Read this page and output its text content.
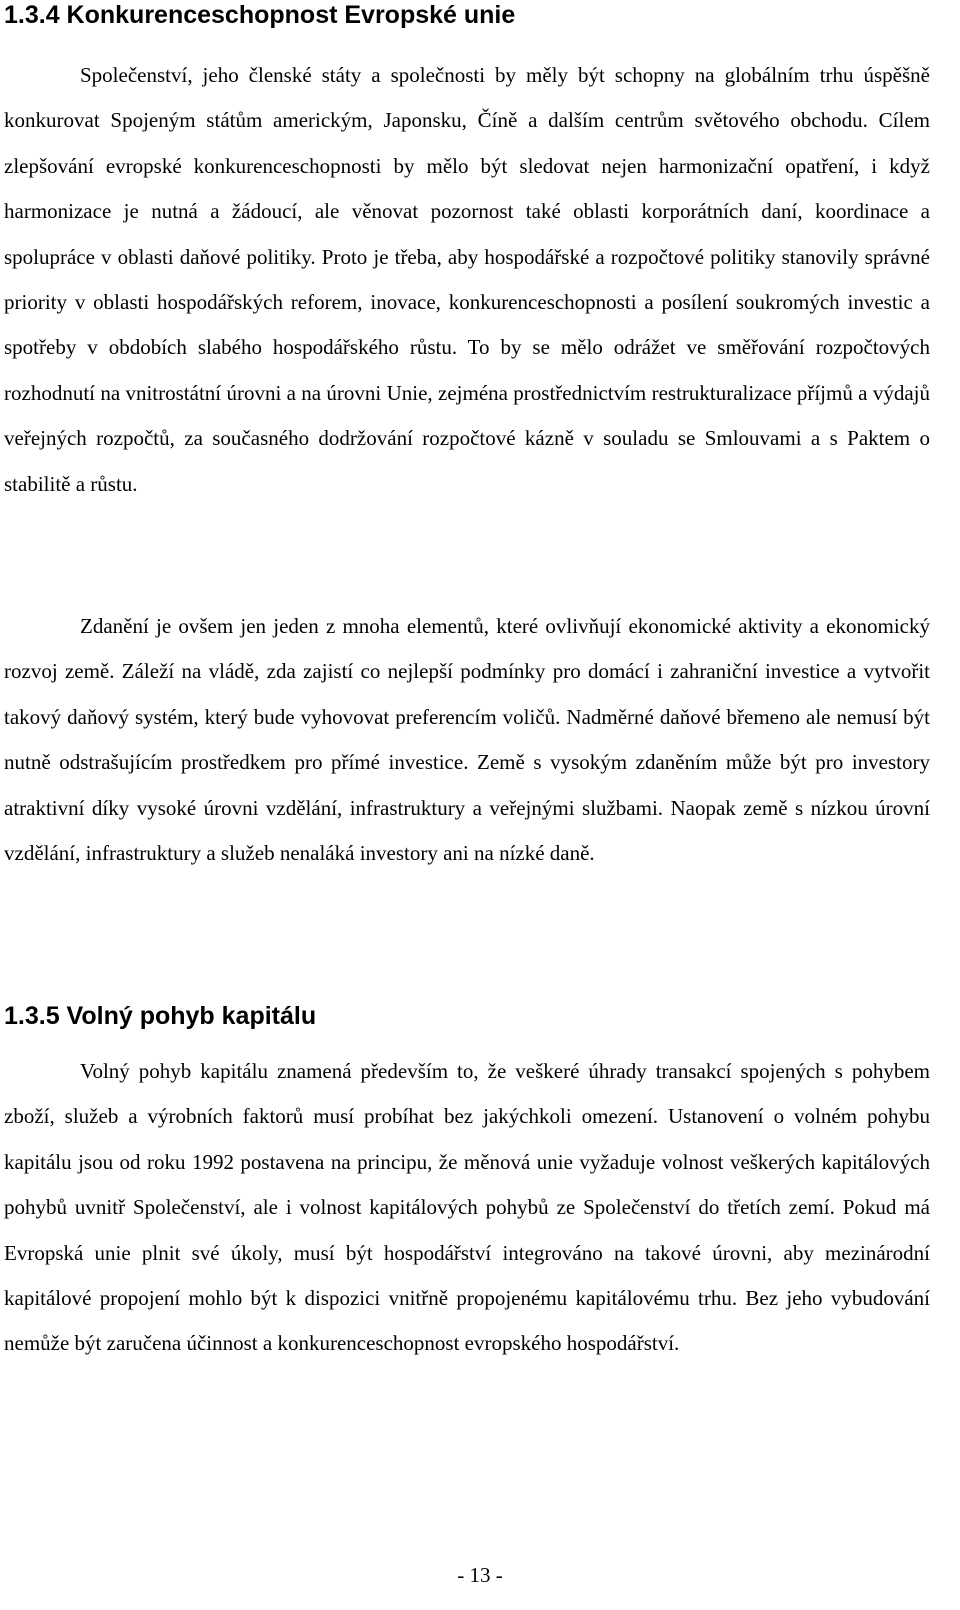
1.3.4 Konkurenceschopnost Evropské unie

Společenství, jeho členské státy a společnosti by měly být schopny na globálním trhu úspěšně konkurovat Spojeným státům americkým, Japonsku, Číně a dalším centrům světového obchodu. Cílem zlepšování evropské konkurenceschopnosti by mělo být sledovat nejen harmonizační opatření, i když harmonizace je nutná a žádoucí, ale věnovat pozornost také oblasti korporátních daní, koordinace a spolupráce v oblasti daňové politiky. Proto je třeba, aby hospodářské a rozpočtové politiky stanovily správné priority v oblasti hospodářských reforem, inovace, konkurenceschopnosti a posílení soukromých investic a spotřeby v obdobích slabého hospodářského růstu. To by se mělo odrážet ve směřování rozpočtových rozhodnutí na vnitrostátní úrovni a na úrovni Unie, zejména prostřednictvím restrukturalizace příjmů a výdajů veřejných rozpočtů, za současného dodržování rozpočtové kázně v souladu se Smlouvami a s Paktem o stabilitě a růstu.

Zdanění je ovšem jen jeden z mnoha elementů, které ovlivňují ekonomické aktivity a ekonomický rozvoj země. Záleží na vládě, zda zajistí co nejlepší podmínky pro domácí i zahraniční investice a vytvořit takový daňový systém, který bude vyhovovat preferencím voličů. Nadměrné daňové břemeno ale nemusí být nutně odstrašujícím prostředkem pro přímé investice. Země s vysokým zdaněním může být pro investory atraktivní díky vysoké úrovni vzdělání, infrastruktury a veřejnými službami. Naopak země s nízkou úrovní vzdělání, infrastruktury a služeb nenaláká investory ani na nízké daně.

1.3.5 Volný pohyb kapitálu

Volný pohyb kapitálu znamená především to, že veškeré úhrady transakcí spojených s pohybem zboží, služeb a výrobních faktorů musí probíhat bez jakýchkoli omezení. Ustanovení o volném pohybu kapitálu jsou od roku 1992 postavena na principu, že měnová unie vyžaduje volnost veškerých kapitálových pohybů uvnitř Společenství, ale i volnost kapitálových pohybů ze Společenství do třetích zemí. Pokud má Evropská unie plnit své úkoly, musí být hospodářství integrováno na takové úrovni, aby mezinárodní kapitálové propojení mohlo být k dispozici vnitřně propojenému kapitálovému trhu. Bez jeho vybudování nemůže být zaručena účinnost a konkurenceschopnost evropského hospodářství.

- 13 -
